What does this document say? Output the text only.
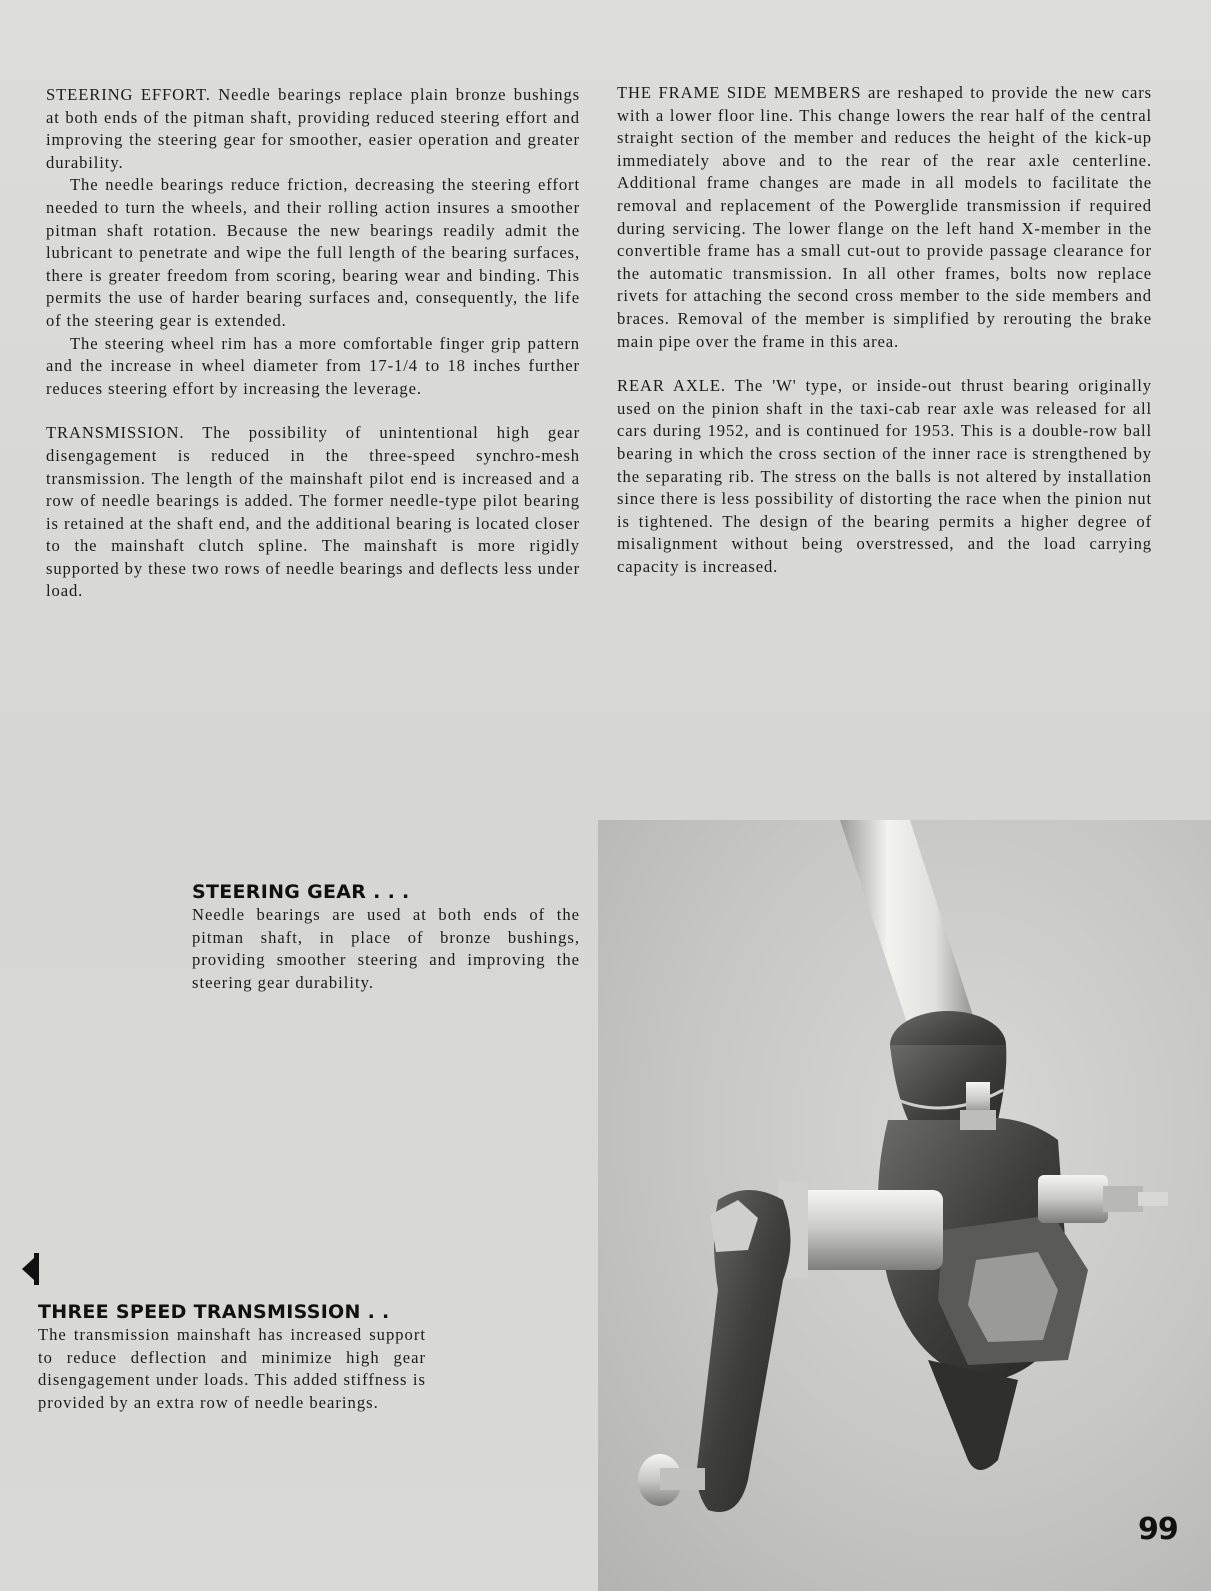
STEERING EFFORT. Needle bearings replace plain bronze bushings at both ends of the pitman shaft, providing reduced steering effort and improving the steering gear for smoother, easier operation and greater durability.

The needle bearings reduce friction, decreasing the steering effort needed to turn the wheels, and their rolling action insures a smoother pitman shaft rotation. Because the new bearings readily admit the lubricant to penetrate and wipe the full length of the bearing surfaces, there is greater freedom from scoring, bearing wear and binding. This permits the use of harder bearing surfaces and, consequently, the life of the steering gear is extended.

The steering wheel rim has a more comfortable finger grip pattern and the increase in wheel diameter from 17-1/4 to 18 inches further reduces steering effort by increasing the leverage.

TRANSMISSION. The possibility of unintentional high gear disengagement is reduced in the three-speed synchro-mesh transmission. The length of the mainshaft pilot end is increased and a row of needle bearings is added. The former needle-type pilot bearing is retained at the shaft end, and the additional bearing is located closer to the mainshaft clutch spline. The mainshaft is more rigidly supported by these two rows of needle bearings and deflects less under load.

THE FRAME SIDE MEMBERS are reshaped to provide the new cars with a lower floor line. This change lowers the rear half of the central straight section of the member and reduces the height of the kick-up immediately above and to the rear of the rear axle centerline. Additional frame changes are made in all models to facilitate the removal and replacement of the Powerglide transmission if required during servicing. The lower flange on the left hand X-member in the convertible frame has a small cut-out to provide passage clearance for the automatic transmission. In all other frames, bolts now replace rivets for attaching the second cross member to the side members and braces. Removal of the member is simplified by rerouting the brake main pipe over the frame in this area.

REAR AXLE. The 'W' type, or inside-out thrust bearing originally used on the pinion shaft in the taxi-cab rear axle was released for all cars during 1952, and is continued for 1953. This is a double-row ball bearing in which the cross section of the inner race is strengthened by the separating rib. The stress on the balls is not altered by installation since there is less possibility of distorting the race when the pinion nut is tightened. The design of the bearing permits a higher degree of misalignment without being overstressed, and the load carrying capacity is increased.

STEERING GEAR . . .
Needle bearings are used at both ends of the pitman shaft, in place of bronze bushings, providing smoother steering and improving the steering gear durability.
THREE SPEED TRANSMISSION . .
The transmission mainshaft has increased support to reduce deflection and minimize high gear disengagement under loads. This added stiffness is provided by an extra row of needle bearings.
99
